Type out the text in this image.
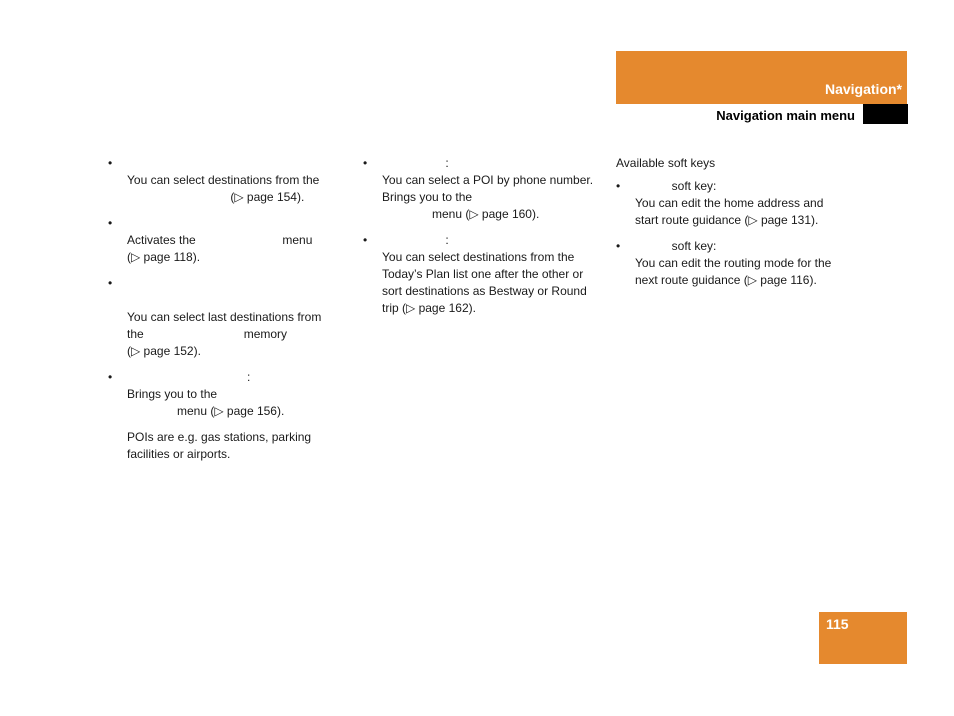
Navigation*
Navigation main menu
•
You can select destinations from the
(▷ page 154).
•
Activates the                          menu
(▷ page 118).
•
You can select last destinations from
the                              memory
(▷ page 152).
• :
Brings you to the
menu (▷ page 156).
POIs are e.g. gas stations, parking
facilities or airports.
• :
You can select a POI by phone number.
Brings you to the
menu (▷ page 160).
• :
You can select destinations from the
Today’s Plan list one after the other or
sort destinations as Bestway or Round
trip (▷ page 162).
Available soft keys
• soft key:
You can edit the home address and
start route guidance (▷ page 131).
• soft key:
You can edit the routing mode for the
next route guidance (▷ page 116).
115
